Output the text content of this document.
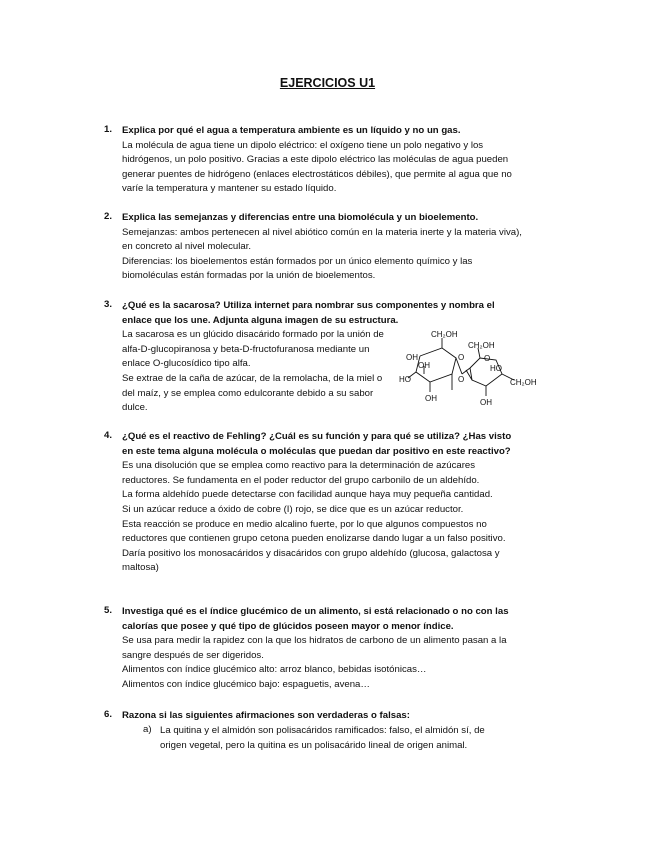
EJERCICIOS U1
1. Explica por qué el agua a temperatura ambiente es un líquido y no un gas.

La molécula de agua tiene un dipolo eléctrico: el oxígeno tiene un polo negativo y los hidrógenos, un polo positivo. Gracias a este dipolo eléctrico las moléculas de agua pueden generar puentes de hidrógeno (enlaces electrostáticos débiles), que permite al agua que no varíe la temperatura y mantener su estado líquido.

2. Explica las semejanzas y diferencias entre una biomolécula y un bioelemento.

Semejanzas: ambos pertenecen al nivel abiótico común en la materia inerte y la materia viva), en concreto al nivel molecular.

Diferencias: los bioelementos están formados por un único elemento químico y las biomoléculas están formadas por la unión de bioelementos.

3. ¿Qué es la sacarosa? Utiliza internet para nombrar sus componentes y nombra el enlace que los une. Adjunta alguna imagen de su estructura.

La sacarosa es un glúcido disacárido formado por la unión de alfa-D-glucopiranosa y beta-D-fructofuranosa mediante un enlace O-glucosídico tipo alfa.

Se extrae de la caña de azúcar, de la remolacha, de la miel o del maíz, y se emplea como edulcorante debido a su sabor dulce.

CH₂OH
CH₂OH
O
OH
HO
OH
O
HO
O
CH₂OH
OH
OH
4. ¿Qué es el reactivo de Fehling? ¿Cuál es su función y para qué se utiliza? ¿Has visto en este tema alguna molécula o moléculas que puedan dar positivo en este reactivo?

Es una disolución que se emplea como reactivo para la determinación de azúcares reductores. Se fundamenta en el poder reductor del grupo carbonilo de un aldehído.

La forma aldehído puede detectarse con facilidad aunque haya muy pequeña cantidad.

Si un azúcar reduce a óxido de cobre (I) rojo, se dice que es un azúcar reductor.

Esta reacción se produce en medio alcalino fuerte, por lo que algunos compuestos no reductores que contienen grupo cetona pueden enolizarse dando lugar a un falso positivo.

Daría positivo los monosacáridos y disacáridos con grupo aldehído (glucosa, galactosa y maltosa)

5. Investiga qué es el índice glucémico de un alimento, si está relacionado o no con las calorías que posee y qué tipo de glúcidos poseen mayor o menor índice.

Se usa para medir la rapidez con la que los hidratos de carbono de un alimento pasan a la sangre después de ser digeridos.

Alimentos con índice glucémico alto: arroz blanco, bebidas isotónicas…

Alimentos con índice glucémico bajo: espaguetis, avena…

6. Razona si las siguientes afirmaciones son verdaderas o falsas:

a) La quitina y el almidón son polisacáridos ramificados: falso, el almidón sí, de origen vegetal, pero la quitina es un polisacárido lineal de origen animal.
